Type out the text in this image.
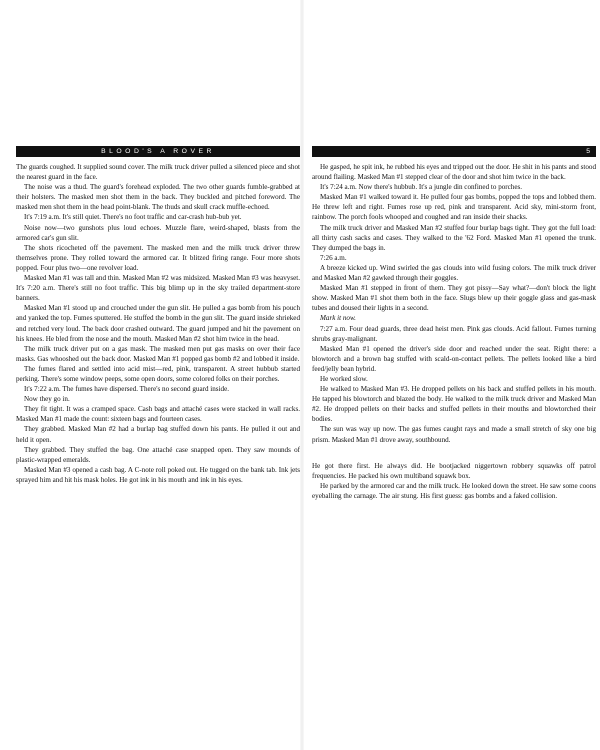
BLOOD'S A ROVER

The guards coughed. It supplied sound cover. The milk truck driver pulled a silenced piece and shot the nearest guard in the face.

The noise was a thud. The guard's forehead exploded. The two other guards fumble-grabbed at their holsters. The masked men shot them in the back. They buckled and pitched foreword. The masked men shot them in the head point-blank. The thuds and skull crack muffle-echoed.

It's 7:19 a.m. It's still quiet. There's no foot traffic and car-crash hub-bub yet.

Noise now—two gunshots plus loud echoes. Muzzle flare, weird-shaped, blasts from the armored car's gun slit.

The shots ricocheted off the pavement. The masked men and the milk truck driver threw themselves prone. They rolled toward the armored car. It blitzed firing range. Four more shots popped. Four plus two—one revolver load.

Masked Man #1 was tall and thin. Masked Man #2 was midsized. Masked Man #3 was heavyset. It's 7:20 a.m. There's still no foot traffic. This big blimp up in the sky trailed department-store banners.

Masked Man #1 stood up and crouched under the gun slit. He pulled a gas bomb from his pouch and yanked the top. Fumes sputtered. He stuffed the bomb in the gun slit. The guard inside shrieked and retched very loud. The back door crashed outward. The guard jumped and hit the pavement on his knees. He bled from the nose and the mouth. Masked Man #2 shot him twice in the head.

The milk truck driver put on a gas mask. The masked men put gas masks on over their face masks. Gas whooshed out the back door. Masked Man #1 popped gas bomb #2 and lobbed it inside.

The fumes flared and settled into acid mist—red, pink, transparent. A street hubbub started perking. There's some window peeps, some open doors, some colored folks on their porches.

It's 7:22 a.m. The fumes have dispersed. There's no second guard inside.

Now they go in.

They fit tight. It was a cramped space. Cash bags and attaché cases were stacked in wall racks. Masked Man #1 made the count: sixteen bags and fourteen cases.

They grabbed. Masked Man #2 had a burlap bag stuffed down his pants. He pulled it out and held it open.

They grabbed. They stuffed the bag. One attaché case snapped open. They saw mounds of plastic-wrapped emeralds.

Masked Man #3 opened a cash bag. A C-note roll poked out. He tugged on the bank tab. Ink jets sprayed him and hit his mask holes. He got ink in his mouth and ink in his eyes.

5

He gasped, he spit ink, he rubbed his eyes and tripped out the door. He shit in his pants and stood around flailing. Masked Man #1 stepped clear of the door and shot him twice in the back.

It's 7:24 a.m. Now there's hubbub. It's a jungle din confined to porches.

Masked Man #1 walked toward it. He pulled four gas bombs, popped the tops and lobbed them. He threw left and right. Fumes rose up red, pink and transparent. Acid sky, mini-storm front, rainbow. The porch fools whooped and coughed and ran inside their shacks.

The milk truck driver and Masked Man #2 stuffed four burlap bags tight. They got the full load: all thirty cash sacks and cases. They walked to the '62 Ford. Masked Man #1 opened the trunk. They dumped the bags in.

7:26 a.m.

A breeze kicked up. Wind swirled the gas clouds into wild fusing colors. The milk truck driver and Masked Man #2 gawked through their goggles.

Masked Man #1 stepped in front of them. They got pissy—Say what?—don't block the light show. Masked Man #1 shot them both in the face. Slugs blew up their goggle glass and gas-mask tubes and doused their lights in a second.

Mark it now.

7:27 a.m. Four dead guards, three dead heist men. Pink gas clouds. Acid fallout. Fumes turning shrubs gray-malignant.

Masked Man #1 opened the driver's side door and reached under the seat. Right there: a blowtorch and a brown bag stuffed with scald-on-contact pellets. The pellets looked like a bird feed/jelly bean hybrid.

He worked slow.

He walked to Masked Man #3. He dropped pellets on his back and stuffed pellets in his mouth. He tapped his blowtorch and blazed the body. He walked to the milk truck driver and Masked Man #2. He dropped pellets on their backs and stuffed pellets in their mouths and blowtorched their bodies.

The sun was way up now. The gas fumes caught rays and made a small stretch of sky one big prism. Masked Man #1 drove away, southbound.

He got there first. He always did. He bootjacked niggertown robbery squawks off patrol frequencies. He packed his own multiband squawk box.

He parked by the armored car and the milk truck. He looked down the street. He saw some coons eyeballing the carnage. The air stung. His first guess: gas bombs and a faked collision.
